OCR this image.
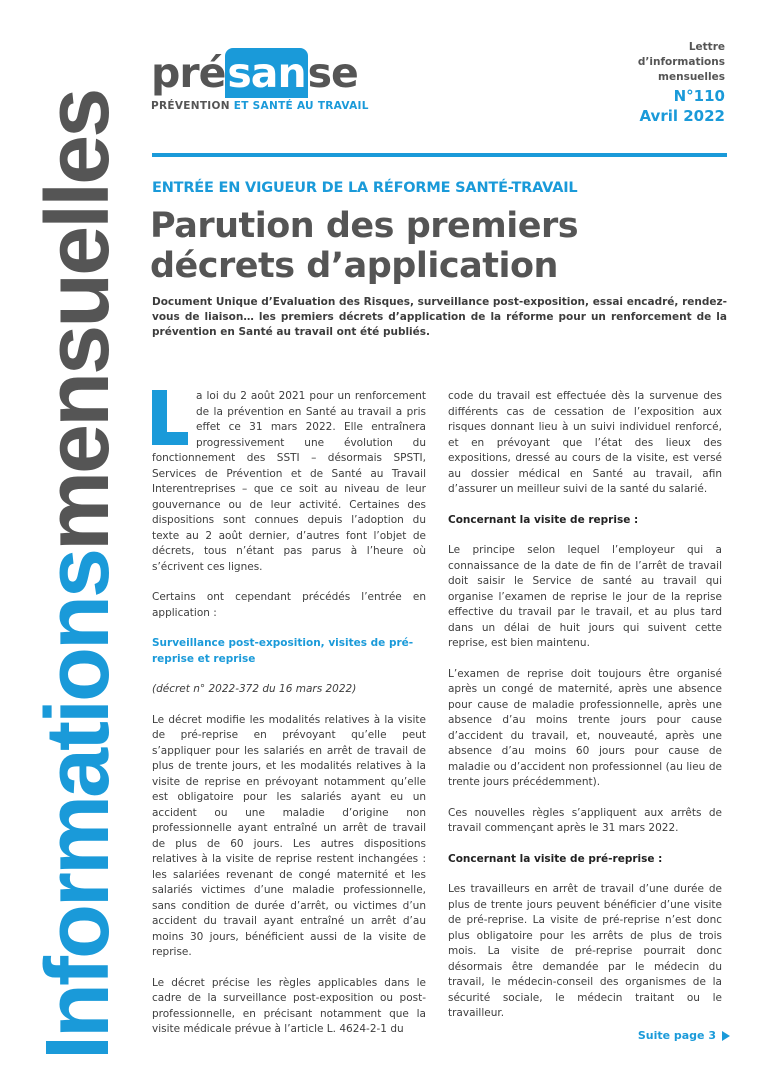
Informationsmensuelles
présanse
PRÉVENTION ET SANTÉ AU TRAVAIL
Lettre
d’informations
mensuelles
N°110
Avril 2022
ENTRÉE EN VIGUEUR DE LA RÉFORME SANTÉ-TRAVAIL
Parution des premiers
décrets d’application
Document Unique d’Evaluation des Risques, surveillance post-exposition, essai encadré, rendez-vous de liaison… les premiers décrets d’application de la réforme pour un renforcement de la prévention en Santé au travail ont été publiés.

a loi du 2 août 2021 pour un renforcement de la prévention en Santé au travail a pris effet ce 31 mars 2022. Elle entraînera progressivement une évolution du fonctionnement des SSTI – désormais SPSTI, Services de Prévention et de Santé au Travail Interentreprises – que ce soit au niveau de leur gouvernance ou de leur activité. Certaines des dispositions sont connues depuis l’adoption du texte au 2 août dernier, d’autres font l’objet de décrets, tous n’étant pas parus à l’heure où s’écrivent ces lignes.

Certains ont cependant précédés l’entrée en application :

Surveillance post-exposition, visites de pré-reprise et reprise
(décret n° 2022-372 du 16 mars 2022)

Le décret modifie les modalités relatives à la visite de pré-reprise en prévoyant qu’elle peut s’appliquer pour les salariés en arrêt de travail de plus de trente jours, et les modalités relatives à la visite de reprise en prévoyant notamment qu’elle est obligatoire pour les salariés ayant eu un accident ou une maladie d’origine non professionnelle ayant entraîné un arrêt de travail de plus de 60 jours. Les autres dispositions relatives à la visite de reprise restent inchangées : les salariées revenant de congé maternité et les salariés victimes d’une maladie professionnelle, sans condition de durée d’arrêt, ou victimes d’un accident du travail ayant entraîné un arrêt d’au moins 30 jours, bénéficient aussi de la visite de reprise.

Le décret précise les règles applicables dans le cadre de la surveillance post-exposition ou post-professionnelle, en précisant notamment que la visite médicale prévue à l’article L. 4624-2-1 du

code du travail est effectuée dès la survenue des différents cas de cessation de l’exposition aux risques donnant lieu à un suivi individuel renforcé, et en prévoyant que l’état des lieux des expositions, dressé au cours de la visite, est versé au dossier médical en Santé au travail, afin d’assurer un meilleur suivi de la santé du salarié.

Concernant la visite de reprise :

Le principe selon lequel l’employeur qui a connaissance de la date de fin de l’arrêt de travail doit saisir le Service de santé au travail qui organise l’examen de reprise le jour de la reprise effective du travail par le travail, et au plus tard dans un délai de huit jours qui suivent cette reprise, est bien maintenu.

L’examen de reprise doit toujours être organisé après un congé de maternité, après une absence pour cause de maladie professionnelle, après une absence d’au moins trente jours pour cause d’accident du travail, et, nouveauté, après une absence d’au moins 60 jours pour cause de maladie ou d’accident non professionnel (au lieu de trente jours précédemment).

Ces nouvelles règles s’appliquent aux arrêts de travail commençant après le 31 mars 2022.

Concernant la visite de pré-reprise :

Les travailleurs en arrêt de travail d’une durée de plus de trente jours peuvent bénéficier d’une visite de pré-reprise. La visite de pré-reprise n’est donc plus obligatoire pour les arrêts de plus de trois mois. La visite de pré-reprise pourrait donc désormais être demandée par le médecin du travail, le médecin-conseil des organismes de la sécurité sociale, le médecin traitant ou le travailleur.

Suite page 3
